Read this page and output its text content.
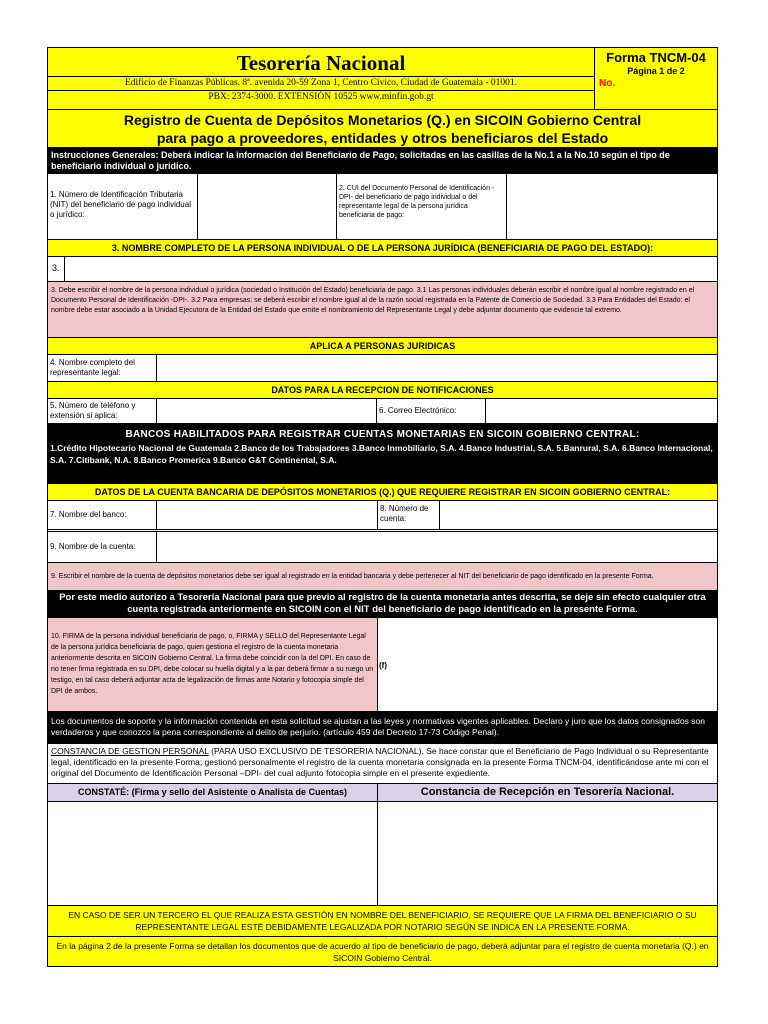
Tesorería Nacional
Edificio de Finanzas Públicas. 8ª. avenida 20-59 Zona 1, Centro Cívico, Ciudad de Guatemala - 01001.
PBX: 2374-3000. EXTENSIÓN 10525 www.minfin.gob.gt
Forma TNCM-04
Página 1 de 2
No.
Registro de Cuenta de Depósitos Monetarios (Q.) en SICOIN Gobierno Central
para pago a proveedores, entidades y otros beneficiaros del Estado
Instrucciones Generales: Deberá indicar la información del Beneficiario de Pago, solicitadas en las casillas de la No.1 a la No.10 según el tipo de beneficiario individual o jurídico.
1. Número de Identificación Tributaria (NIT) del beneficiario de pago individual o jurídico:
2. CUI del Documento Personal de Identificación -DPI- del beneficiario de pago individual o del representante legal de la persona jurídica beneficiaria de pago:
3. NOMBRE COMPLETO DE LA PERSONA INDIVIDUAL O DE LA PERSONA JURÍDICA (BENEFICIARIA DE PAGO DEL ESTADO):
3.
3. Debe escribir el nombre de la persona individual o jurídica (sociedad o Institución del Estado) beneficiaria de pago. 3.1 Las personas individuales deberán escribir el nombre igual al nombre registrado en el Documento Personal de Identificación -DPI-. 3.2 Para empresas: se deberá escribir el nombre igual al de la razón social registrada en la Patente de Comercio de Sociedad. 3.3 Para Entidades del Estado: el nombre debe estar asociado a la Unidad Ejecutora de la Entidad del Estado que emite el nombramiento del Representante Legal y debe adjuntar documento que evidencie tal extremo.
APLICA A PERSONAS JURIDICAS
4. Nombre completo del representante legal:
DATOS PARA LA RECEPCION DE NOTIFICACIONES
5. Número de teléfono y extensión si aplica:
6. Correo Electrónico:
BANCOS HABILITADOS PARA REGISTRAR CUENTAS MONETARIAS EN SICOIN GOBIERNO CENTRAL:
1.Crédito Hipotecario Nacional de Guatemala 2.Banco de los Trabajadores 3.Banco Inmobiliario, S.A. 4.Banco Industrial, S.A. 5.Banrural, S.A. 6.Banco Internacional, S.A. 7.Citibank, N.A. 8.Banco Promerica 9.Banco G&T Continental, S.A.
DATOS DE LA CUENTA BANCARIA DE DEPÓSITOS MONETARIOS (Q.) QUE REQUIERE REGISTRAR EN SICOIN GOBIERNO CENTRAL:
7. Nombre del banco:
8. Número de cuenta:
9. Nombre de la cuenta:
9. Escribir el nombre de la cuenta de depósitos monetarios debe ser igual al registrado en la entidad bancaria y debe pertenecer al NIT del beneficiario de pago identificado en la presente Forma.
Por este medio autorizo a Tesorería Nacional para que previo al registro de la cuenta monetaria antes descrita, se deje sin efecto cualquier otra cuenta registrada anteriormente en SICOIN con el NIT del beneficiario de pago identificado en la presente Forma.
10. FIRMA de la persona individual beneficiaria de pago, o, FIRMA y SELLO del Representante Legal de la persona jurídica beneficiaria de pago, quien gestiona el registro de la cuenta monetaria anteriormente descrita en SICOIN Gobierno Central. La firma debe coincidir con la del DPI. En caso de no tener firma registrada en su DPI, debe colocar su huella digital y a la par deberá firmar a su ruego un testigo, en tal caso deberá adjuntar acta de legalización de firmas ante Notario y fotocopia simple del DPI de ambos.
(f)
Los documentos de soporte y la información contenida en esta solicitud se ajustan a las leyes y normativas vigentes aplicables. Declaro y juro que los datos consignados son verdaderos y que conozco la pena correspondiente al delito de perjurio. (artículo 459 del Decreto 17-73 Código Penal).
CONSTANCIA DE GESTION PERSONAL (PARA USO EXCLUSIVO DE TESORERIA NACIONAL). Se hace constar que el Beneficiario de Pago Individual o su Representante legal, identificado en la presente Forma; gestionó personalmente el registro de la cuenta monetaria consignada en la presente Forma TNCM-04, identificándose ante mi con el original del Documento de Identificación Personal –DPI- del cual adjunto fotocopia simple en el presente expediente.
CONSTATÉ: (Firma y sello del Asistente o Analista de Cuentas)	Constancia de Recepción en Tesorería Nacional.
EN CASO DE SER UN TERCERO EL QUE REALIZA ESTA GESTIÓN EN NOMBRE DEL BENEFICIARIO, SE REQUIERE QUE LA FIRMA DEL BENEFICIARIO O SU REPRESENTANTE LEGAL ESTÉ DEBIDAMENTE LEGALIZADA POR NOTARIO SEGÚN SE INDICA EN LA PRESENTE FORMA.
En la página 2 de la presente Forma se detallan los documentos que de acuerdo al tipo de beneficiario de pago, deberá adjuntar para el registro de cuenta monetaria (Q.) en SICOIN Gobierno Central.
